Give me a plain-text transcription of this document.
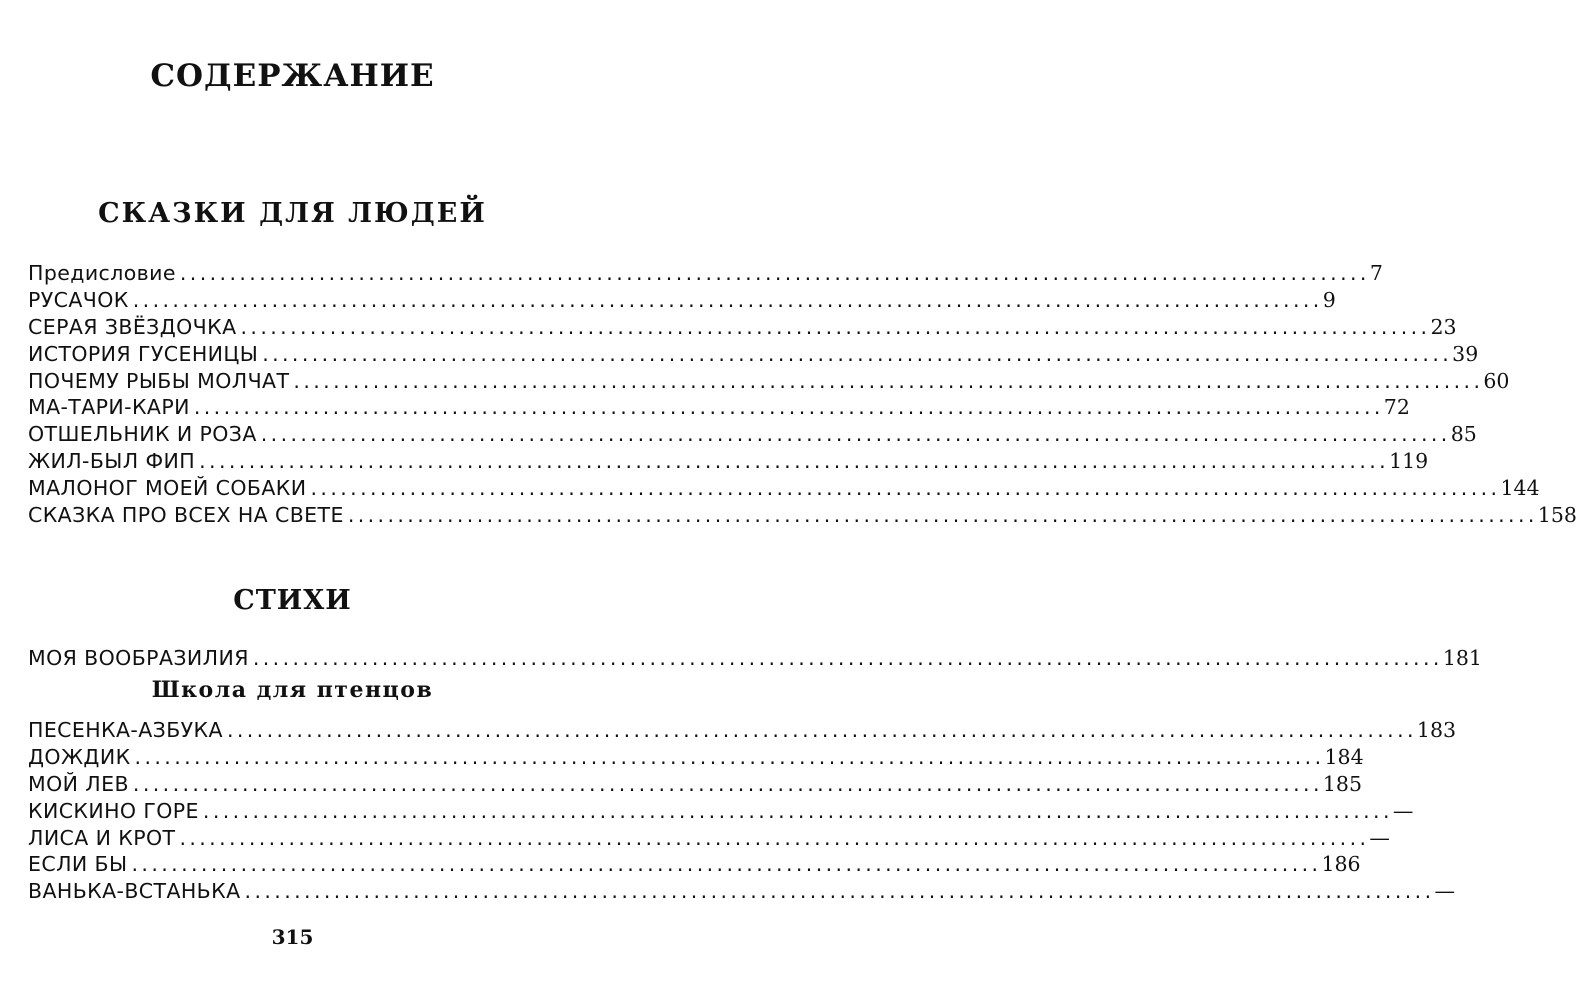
СОДЕРЖАНИЕ
СКАЗКИ ДЛЯ ЛЮДЕЙ
Предисловие ........................................................................................................................ 7
РУСАЧОК ........................................................................................................................ 9
СЕРАЯ ЗВЁЗДОЧКА ........................................................................................................................ 23
ИСТОРИЯ ГУСЕНИЦЫ ........................................................................................................................ 39
ПОЧЕМУ РЫБЫ МОЛЧАТ ........................................................................................................................ 60
МА-ТАРИ-КАРИ ........................................................................................................................ 72
ОТШЕЛЬНИК И РОЗА ........................................................................................................................ 85
ЖИЛ-БЫЛ ФИП ........................................................................................................................ 119
МАЛОНОГ МОЕЙ СОБАКИ ........................................................................................................................ 144
СКАЗКА ПРО ВСЕХ НА СВЕТЕ ........................................................................................................................ 158
СТИХИ
МОЯ ВООБРАЗИЛИЯ ........................................................................................................................ 181
Школа для птенцов
ПЕСЕНКА-АЗБУКА ........................................................................................................................ 183
ДОЖДИК ........................................................................................................................ 184
МОЙ ЛЕВ ........................................................................................................................ 185
КИСКИНО ГОРЕ ........................................................................................................................ —
ЛИСА И КРОТ ........................................................................................................................ —
ЕСЛИ БЫ ........................................................................................................................ 186
ВАНЬКА-ВСТАНЬКА ........................................................................................................................ —

315
